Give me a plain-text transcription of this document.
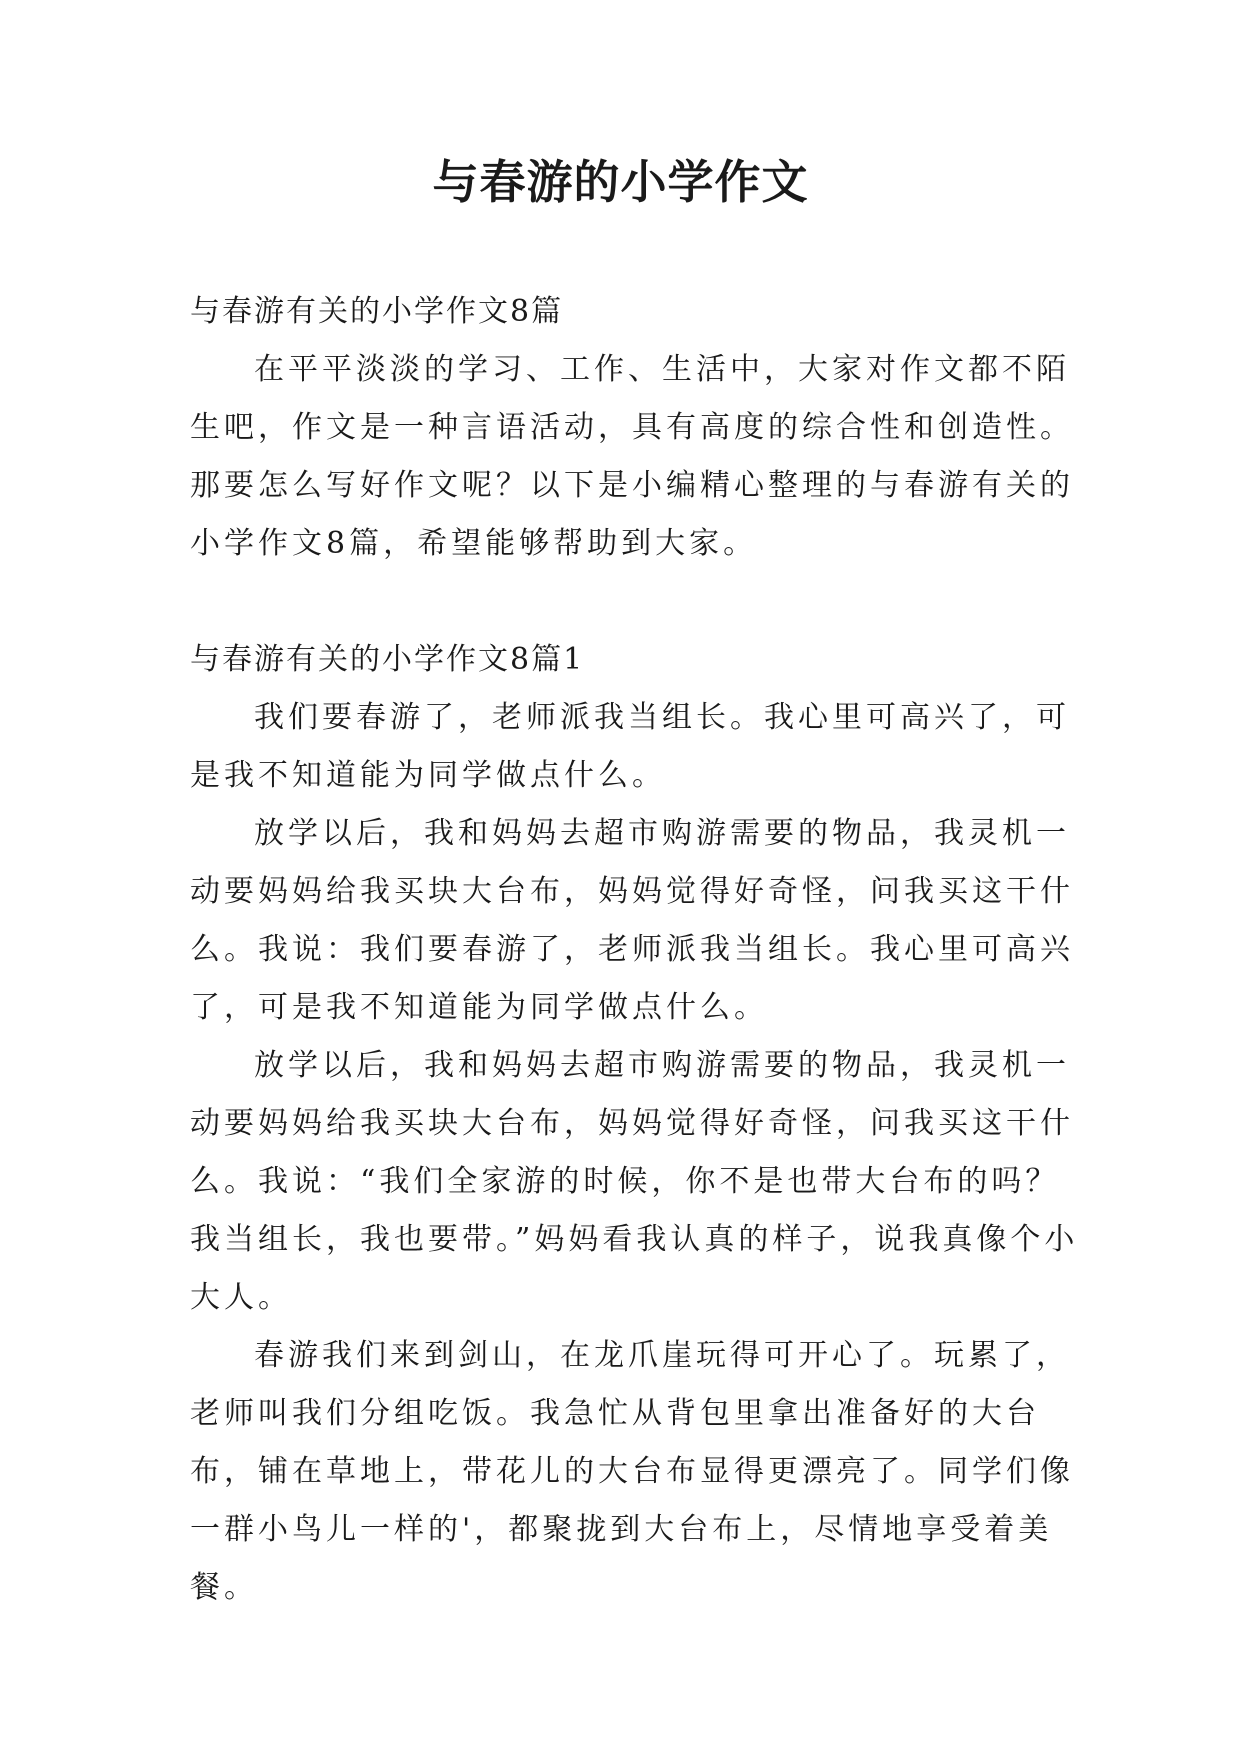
与春游的小学作文

与春游有关的小学作文8篇

在平平淡淡的学习、工作、生活中，大家对作文都不陌生吧，作文是一种言语活动，具有高度的综合性和创造性。那要怎么写好作文呢？以下是小编精心整理的与春游有关的小学作文8篇，希望能够帮助到大家。

与春游有关的小学作文8篇1

我们要春游了，老师派我当组长。我心里可高兴了，可是我不知道能为同学做点什么。

放学以后，我和妈妈去超市购游需要的物品，我灵机一动要妈妈给我买块大台布，妈妈觉得好奇怪，问我买这干什么。我说：我们要春游了，老师派我当组长。我心里可高兴了，可是我不知道能为同学做点什么。

放学以后，我和妈妈去超市购游需要的物品，我灵机一动要妈妈给我买块大台布，妈妈觉得好奇怪，问我买这干什么。我说：“我们全家游的时候，你不是也带大台布的吗？我当组长，我也要带。”妈妈看我认真的样子，说我真像个小大人。

春游我们来到剑山，在龙爪崖玩得可开心了。玩累了，老师叫我们分组吃饭。我急忙从背包里拿出准备好的大台布，铺在草地上，带花儿的大台布显得更漂亮了。同学们像一群小鸟儿一样的'，都聚拢到大台布上，尽情地享受着美餐。
